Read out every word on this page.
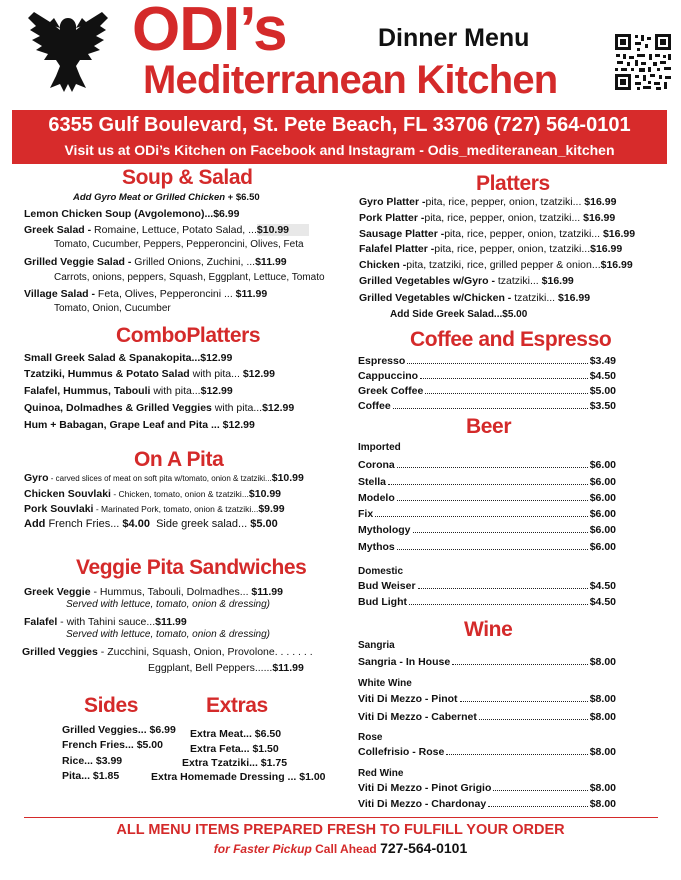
ODI’s
Mediterranean Kitchen
Dinner Menu
6355 Gulf Boulevard, St. Pete Beach, FL 33706 (727) 564-0101
Visit us at ODi’s Kitchen on Facebook and Instagram - Odis_mediteranean_kitchen
Soup & Salad
Add Gyro Meat or Grilled Chicken + $6.50
Lemon Chicken Soup (Avgolemono)...$6.99
Greek Salad - Romaine, Lettuce, Potato Salad, ...$10.99
Tomato, Cucumber, Peppers, Pepperoncini, Olives, Feta
Grilled Veggie Salad - Grilled Onions, Zuchini, ...$11.99
Carrots, onions, peppers, Squash, Eggplant, Lettuce, Tomato
Village Salad - Feta, Olives, Pepperoncini ... $11.99
Tomato, Onion, Cucumber
ComboPlatters
Small Greek Salad & Spanakopita...$12.99
Tzatziki, Hummus & Potato Salad with pita... $12.99
Falafel, Hummus, Tabouli with pita...$12.99
Quinoa, Dolmadhes & Grilled Veggies with pita...$12.99
Hum + Babagan, Grape Leaf and Pita ... $12.99
On A Pita
Gyro - carved slices of meat on soft pita w/tomato, onion & tzatziki...$10.99
Chicken Souvlaki - Chicken, tomato, onion & tzatziki...$10.99
Pork Souvlaki - Marinated Pork, tomato, onion & tzatziki...$9.99
Add French Fries... $4.00 Side greek salad... $5.00
Veggie Pita Sandwiches
Greek Veggie - Hummus, Tabouli, Dolmadhes... $11.99
Served with lettuce, tomato, onion & dressing)
Falafel - with Tahini sauce...$11.99
Served with lettuce, tomato, onion & dressing)
Grilled Veggies - Zucchini, Squash, Onion, Provolone. . . . . . .
Eggplant, Bell Peppers......$11.99
Sides
Grilled Veggies... $6.99
French Fries... $5.00
Rice... $3.99
Pita... $1.85
Extras
Extra Meat... $6.50
Extra Feta... $1.50
Extra Tzatziki... $1.75
Extra Homemade Dressing ... $1.00
Platters
Gyro Platter -pita, rice, pepper, onion, tzatziki... $16.99
Pork Platter -pita, rice, pepper, onion, tzatziki... $16.99
Sausage Platter -pita, rice, pepper, onion, tzatziki... $16.99
Falafel Platter -pita, rice, pepper, onion, tzatziki...$16.99
Chicken -pita, tzatziki, rice, grilled pepper & onion...$16.99
Grilled Vegetables w/Gyro - tzatziki... $16.99
Grilled Vegetables w/Chicken - tzatziki... $16.99
Add Side Greek Salad...$5.00
Coffee and Espresso
Espresso	$3.49
Cappuccino	$4.50
Greek Coffee	$5.00
Coffee	$3.50
Beer
Imported
Corona	$6.00
Stella	$6.00
Modelo	$6.00
Fix	$6.00
Mythology	$6.00
Mythos	$6.00
Domestic
Bud Weiser	$4.50
Bud Light	$4.50
Wine
Sangria
Sangria - In House	$8.00
White Wine
Viti Di Mezzo - Pinot	$8.00
Viti Di Mezzo - Cabernet	$8.00
Rose
Collefrisio - Rose	$8.00
Red Wine
Viti Di Mezzo - Pinot Grigio	$8.00
Viti Di Mezzo - Chardonay	$8.00
ALL MENU ITEMS PREPARED FRESH TO FULFILL YOUR ORDER
for Faster Pickup Call Ahead 727-564-0101
